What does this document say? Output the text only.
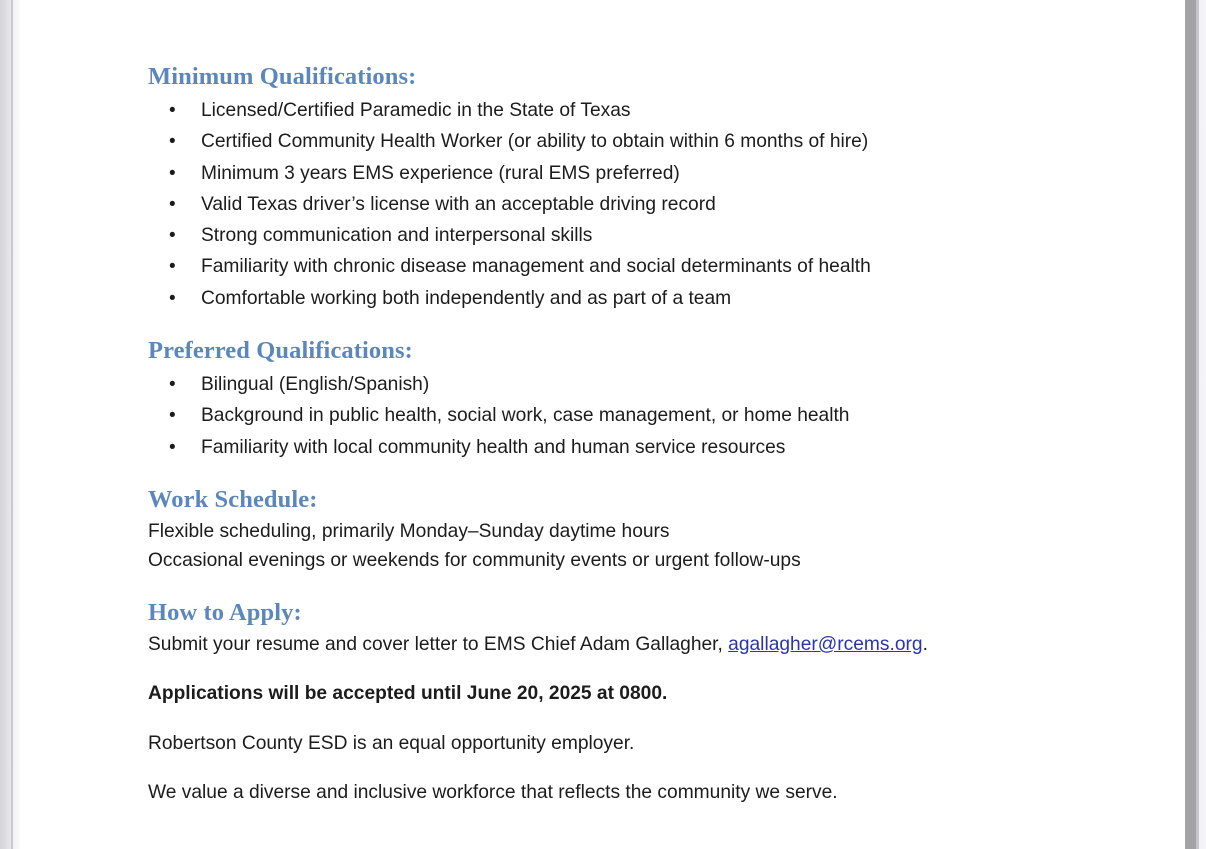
Minimum Qualifications:
• Licensed/Certified Paramedic in the State of Texas
• Certified Community Health Worker (or ability to obtain within 6 months of hire)
• Minimum 3 years EMS experience (rural EMS preferred)
• Valid Texas driver’s license with an acceptable driving record
• Strong communication and interpersonal skills
• Familiarity with chronic disease management and social determinants of health
• Comfortable working both independently and as part of a team
Preferred Qualifications:
• Bilingual (English/Spanish)
• Background in public health, social work, case management, or home health
• Familiarity with local community health and human service resources
Work Schedule:

Flexible scheduling, primarily Monday–Sunday daytime hours

Occasional evenings or weekends for community events or urgent follow-ups

How to Apply:

Submit your resume and cover letter to EMS Chief Adam Gallagher, agallagher@rcems.org.

Applications will be accepted until June 20, 2025 at 0800.

Robertson County ESD is an equal opportunity employer.

We value a diverse and inclusive workforce that reflects the community we serve.
